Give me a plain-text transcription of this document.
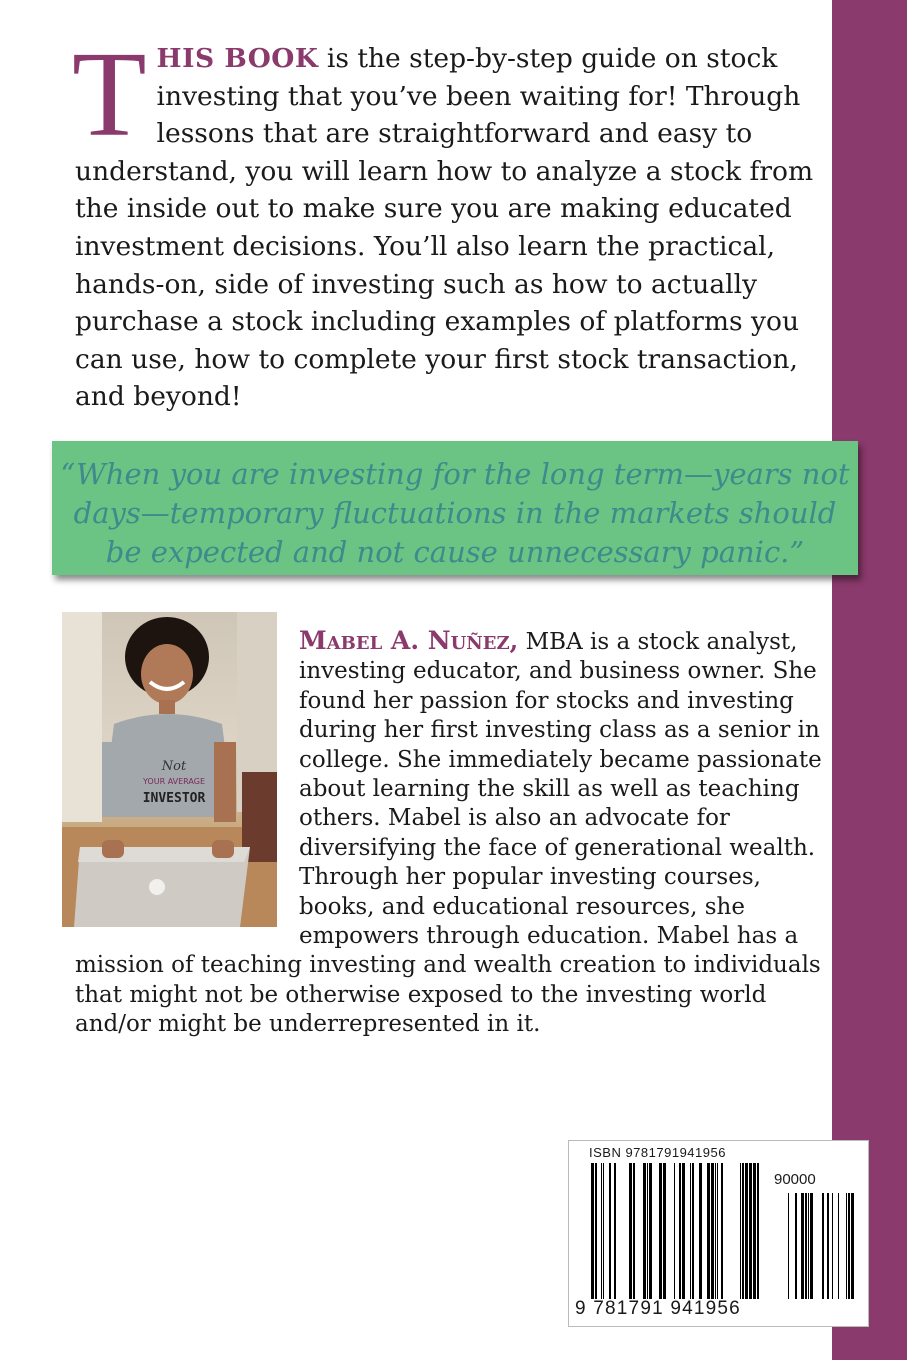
THIS BOOK is the step-by-step guide on stock investing that you’ve been waiting for! Through lessons that are straightforward and easy to understand, you will learn how to analyze a stock from the inside out to make sure you are making educated investment decisions. You’ll also learn the practical, hands-on, side of investing such as how to actually purchase a stock including examples of platforms you can use, how to complete your first stock transaction, and beyond!
“When you are investing for the long term—years not
days—temporary fluctuations in the markets should
be expected and not cause unnecessary panic.”
Not
YOUR AVERAGE
INVESTOR
Mabel A. Nuñez, MBA is a stock analyst, investing educator, and business owner. She found her passion for stocks and investing during her first investing class as a senior in college. She immediately became passionate about learning the skill as well as teaching others. Mabel is also an advocate for diversifying the face of generational wealth. Through her popular investing courses, books, and educational resources, she empowers through education. Mabel has a mission of teaching investing and wealth creation to individuals that might not be otherwise exposed to the investing world and/or might be underrepresented in it.
ISBN 9781791941956
90000
9 781791 941956
